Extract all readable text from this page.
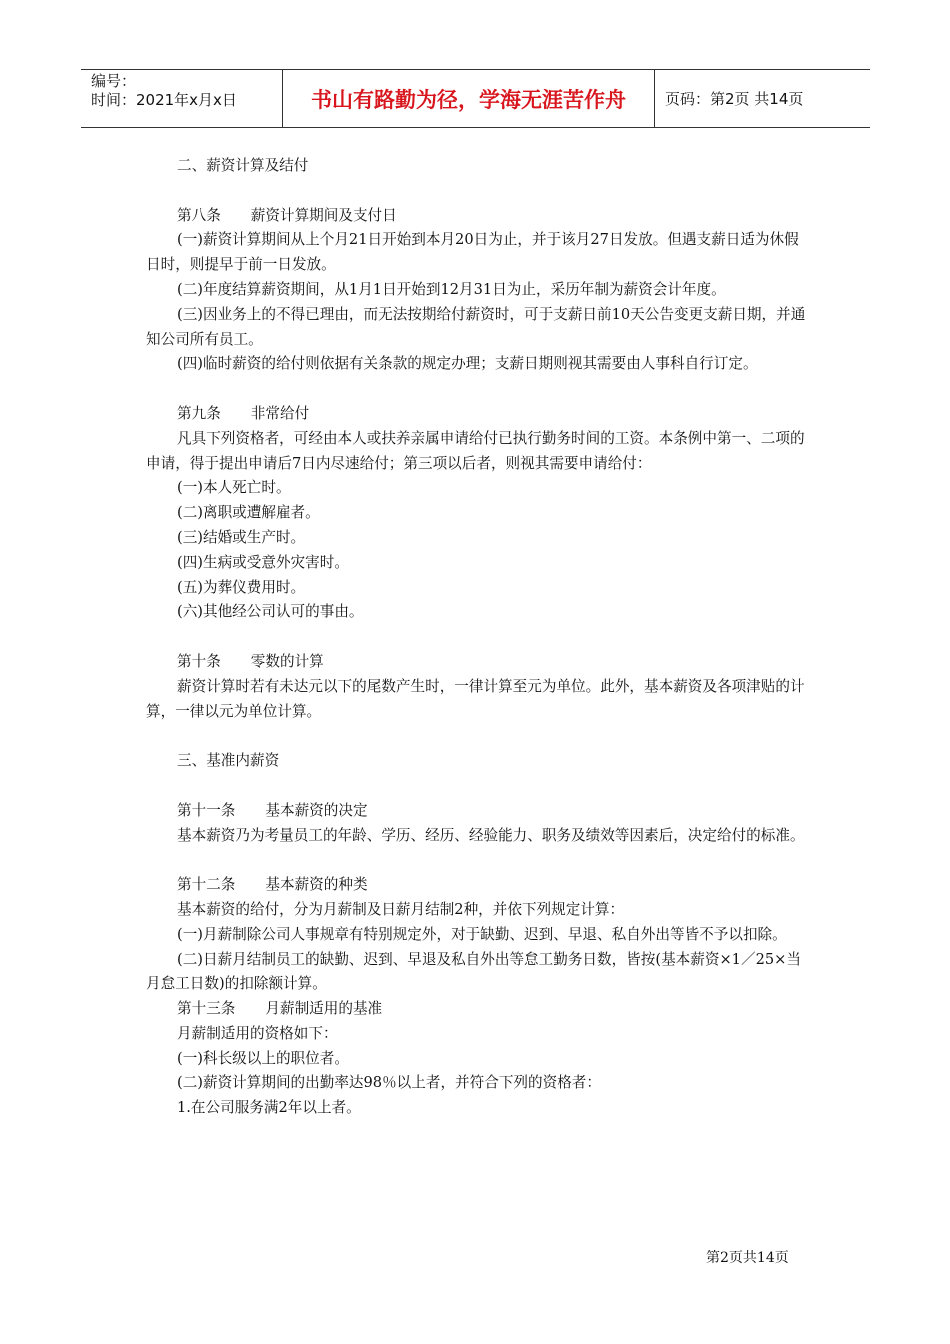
编号：
时间：2021年x月x日	书山有路勤为径，学海无涯苦作舟	页码：第2页 共14页

二、薪资计算及结付

第八条 薪资计算期间及支付日

(一)薪资计算期间从上个月21日开始到本月20日为止，并于该月27日发放。但遇支薪日适为休假日时，则提早于前一日发放。

(二)年度结算薪资期间，从1月1日开始到12月31日为止，采历年制为薪资会计年度。

(三)因业务上的不得已理由，而无法按期给付薪资时，可于支薪日前10天公告变更支薪日期，并通知公司所有员工。

(四)临时薪资的给付则依据有关条款的规定办理；支薪日期则视其需要由人事科自行订定。

第九条 非常给付

凡具下列资格者，可经由本人或扶养亲属申请给付已执行勤务时间的工资。本条例中第一、二项的申请，得于提出申请后7日内尽速给付；第三项以后者，则视其需要申请给付：

(一)本人死亡时。

(二)离职或遭解雇者。

(三)结婚或生产时。

(四)生病或受意外灾害时。

(五)为葬仪费用时。

(六)其他经公司认可的事由。

第十条 零数的计算

薪资计算时若有未达元以下的尾数产生时，一律计算至元为单位。此外，基本薪资及各项津贴的计算，一律以元为单位计算。

三、基准内薪资

第十一条 基本薪资的决定

基本薪资乃为考量员工的年龄、学历、经历、经验能力、职务及绩效等因素后，决定给付的标准。

第十二条 基本薪资的种类

基本薪资的给付，分为月薪制及日薪月结制2种，并依下列规定计算：

(一)月薪制除公司人事规章有特别规定外，对于缺勤、迟到、早退、私自外出等皆不予以扣除。

(二)日薪月结制员工的缺勤、迟到、早退及私自外出等怠工勤务日数，皆按(基本薪资×1／25×当月怠工日数)的扣除额计算。

第十三条 月薪制适用的基准

月薪制适用的资格如下：

(一)科长级以上的职位者。

(二)薪资计算期间的出勤率达98％以上者，并符合下列的资格者：

1.在公司服务满2年以上者。

第2页共14页
